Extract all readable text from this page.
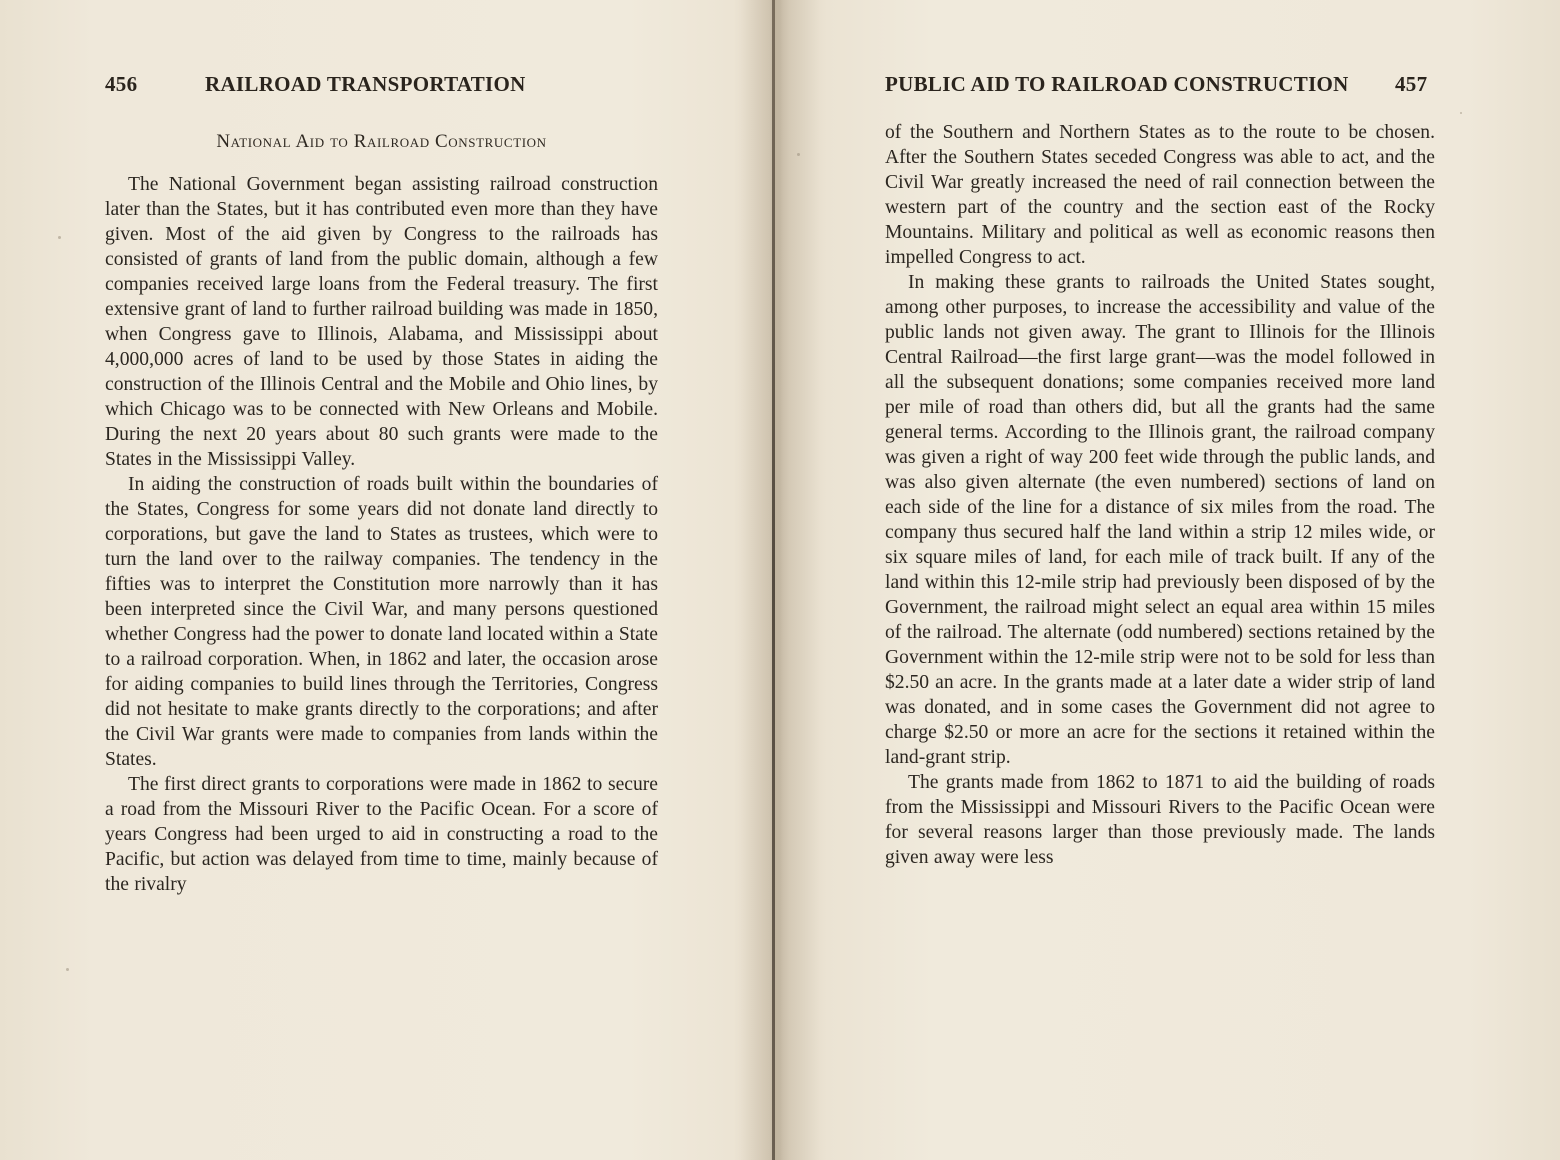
456	RAILROAD TRANSPORTATION
National Aid to Railroad Construction

The National Government began assisting railroad construction later than the States, but it has contributed even more than they have given. Most of the aid given by Congress to the railroads has consisted of grants of land from the public domain, although a few companies received large loans from the Federal treasury. The first extensive grant of land to further railroad building was made in 1850, when Congress gave to Illinois, Alabama, and Mississippi about 4,000,000 acres of land to be used by those States in aiding the construction of the Illinois Central and the Mobile and Ohio lines, by which Chicago was to be connected with New Orleans and Mobile. During the next 20 years about 80 such grants were made to the States in the Mississippi Valley.

In aiding the construction of roads built within the boundaries of the States, Congress for some years did not donate land directly to corporations, but gave the land to States as trustees, which were to turn the land over to the railway companies. The tendency in the fifties was to interpret the Constitution more narrowly than it has been interpreted since the Civil War, and many persons questioned whether Congress had the power to donate land located within a State to a railroad corporation. When, in 1862 and later, the occasion arose for aiding companies to build lines through the Territories, Congress did not hesitate to make grants directly to the corporations; and after the Civil War grants were made to companies from lands within the States.

The first direct grants to corporations were made in 1862 to secure a road from the Missouri River to the Pacific Ocean. For a score of years Congress had been urged to aid in constructing a road to the Pacific, but action was delayed from time to time, mainly because of the rivalry

PUBLIC AID TO RAILROAD CONSTRUCTION 457

of the Southern and Northern States as to the route to be chosen. After the Southern States seceded Congress was able to act, and the Civil War greatly increased the need of rail connection between the western part of the country and the section east of the Rocky Mountains. Military and political as well as economic reasons then impelled Congress to act.

In making these grants to railroads the United States sought, among other purposes, to increase the accessibility and value of the public lands not given away. The grant to Illinois for the Illinois Central Railroad—the first large grant—was the model followed in all the subsequent donations; some companies received more land per mile of road than others did, but all the grants had the same general terms. According to the Illinois grant, the railroad company was given a right of way 200 feet wide through the public lands, and was also given alternate (the even numbered) sections of land on each side of the line for a distance of six miles from the road. The company thus secured half the land within a strip 12 miles wide, or six square miles of land, for each mile of track built. If any of the land within this 12-mile strip had previously been disposed of by the Government, the railroad might select an equal area within 15 miles of the railroad. The alternate (odd numbered) sections retained by the Government within the 12-mile strip were not to be sold for less than $2.50 an acre. In the grants made at a later date a wider strip of land was donated, and in some cases the Government did not agree to charge $2.50 or more an acre for the sections it retained within the land-grant strip.

The grants made from 1862 to 1871 to aid the building of roads from the Mississippi and Missouri Rivers to the Pacific Ocean were for several reasons larger than those previously made. The lands given away were less
